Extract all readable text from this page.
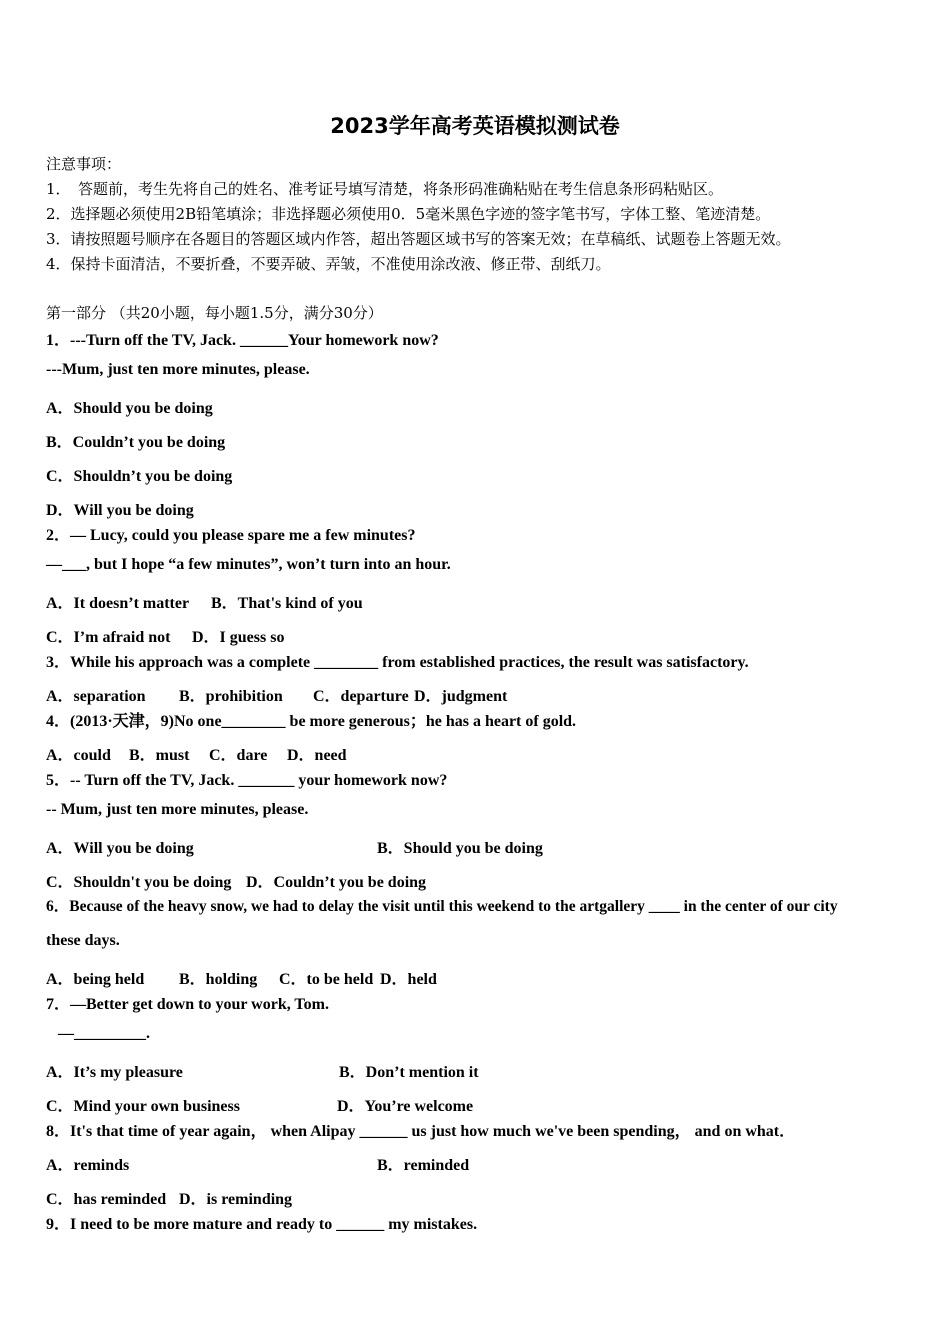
2023学年高考英语模拟测试卷
注意事项：
1．　答题前，考生先将自己的姓名、准考证号填写清楚，将条形码准确粘贴在考生信息条形码粘贴区。
2．选择题必须使用2B铅笔填涂；非选择题必须使用0．5毫米黑色字迹的签字笔书写，字体工整、笔迹清楚。
3．请按照题号顺序在各题目的答题区域内作答，超出答题区域书写的答案无效；在草稿纸、试题卷上答题无效。
4．保持卡面清洁，不要折叠，不要弄破、弄皱，不准使用涂改液、修正带、刮纸刀。
第一部分 （共20小题，每小题1.5分，满分30分）
1．---Turn off the TV, Jack. ______Your homework now?
---Mum, just ten more minutes, please.
A．Should you be doing
B．Couldn’t you be doing
C．Shouldn’t you be doing
D．Will you be doing
2．— Lucy, could you please spare me a few minutes?
—___, but I hope “a few minutes”, won’t turn into an hour.
A．It doesn’t matter B．That's kind of you
C．I’m afraid not D．I guess so
3．While his approach was a complete ________ from established practices, the result was satisfactory.
A．separation B．prohibition C．departure D．judgment
4．(2013·天津，9)No one________ be more generous；he has a heart of gold.
A．could B．must C．dare D．need
5．-- Turn off the TV, Jack. _______ your homework now?
-- Mum, just ten more minutes, please.
A．Will you be doing	B．Should you be doing
C．Shouldn't you be doing D．Couldn’t you be doing
6．Because of the heavy snow, we had to delay the visit until this weekend to the artgallery ____ in the center of our city
these days.
A．being held B．holding C．to be held D．held
7．—Better get down to your work, Tom.
—_________.
A．It’s my pleasure	B．Don’t mention it
C．Mind your own business	D．You’re welcome
8．It's that time of year again， when Alipay ______ us just how much we've been spending， and on what．
A．reminds	B．reminded
C．has reminded D．is reminding
9．I need to be more mature and ready to ______ my mistakes.
